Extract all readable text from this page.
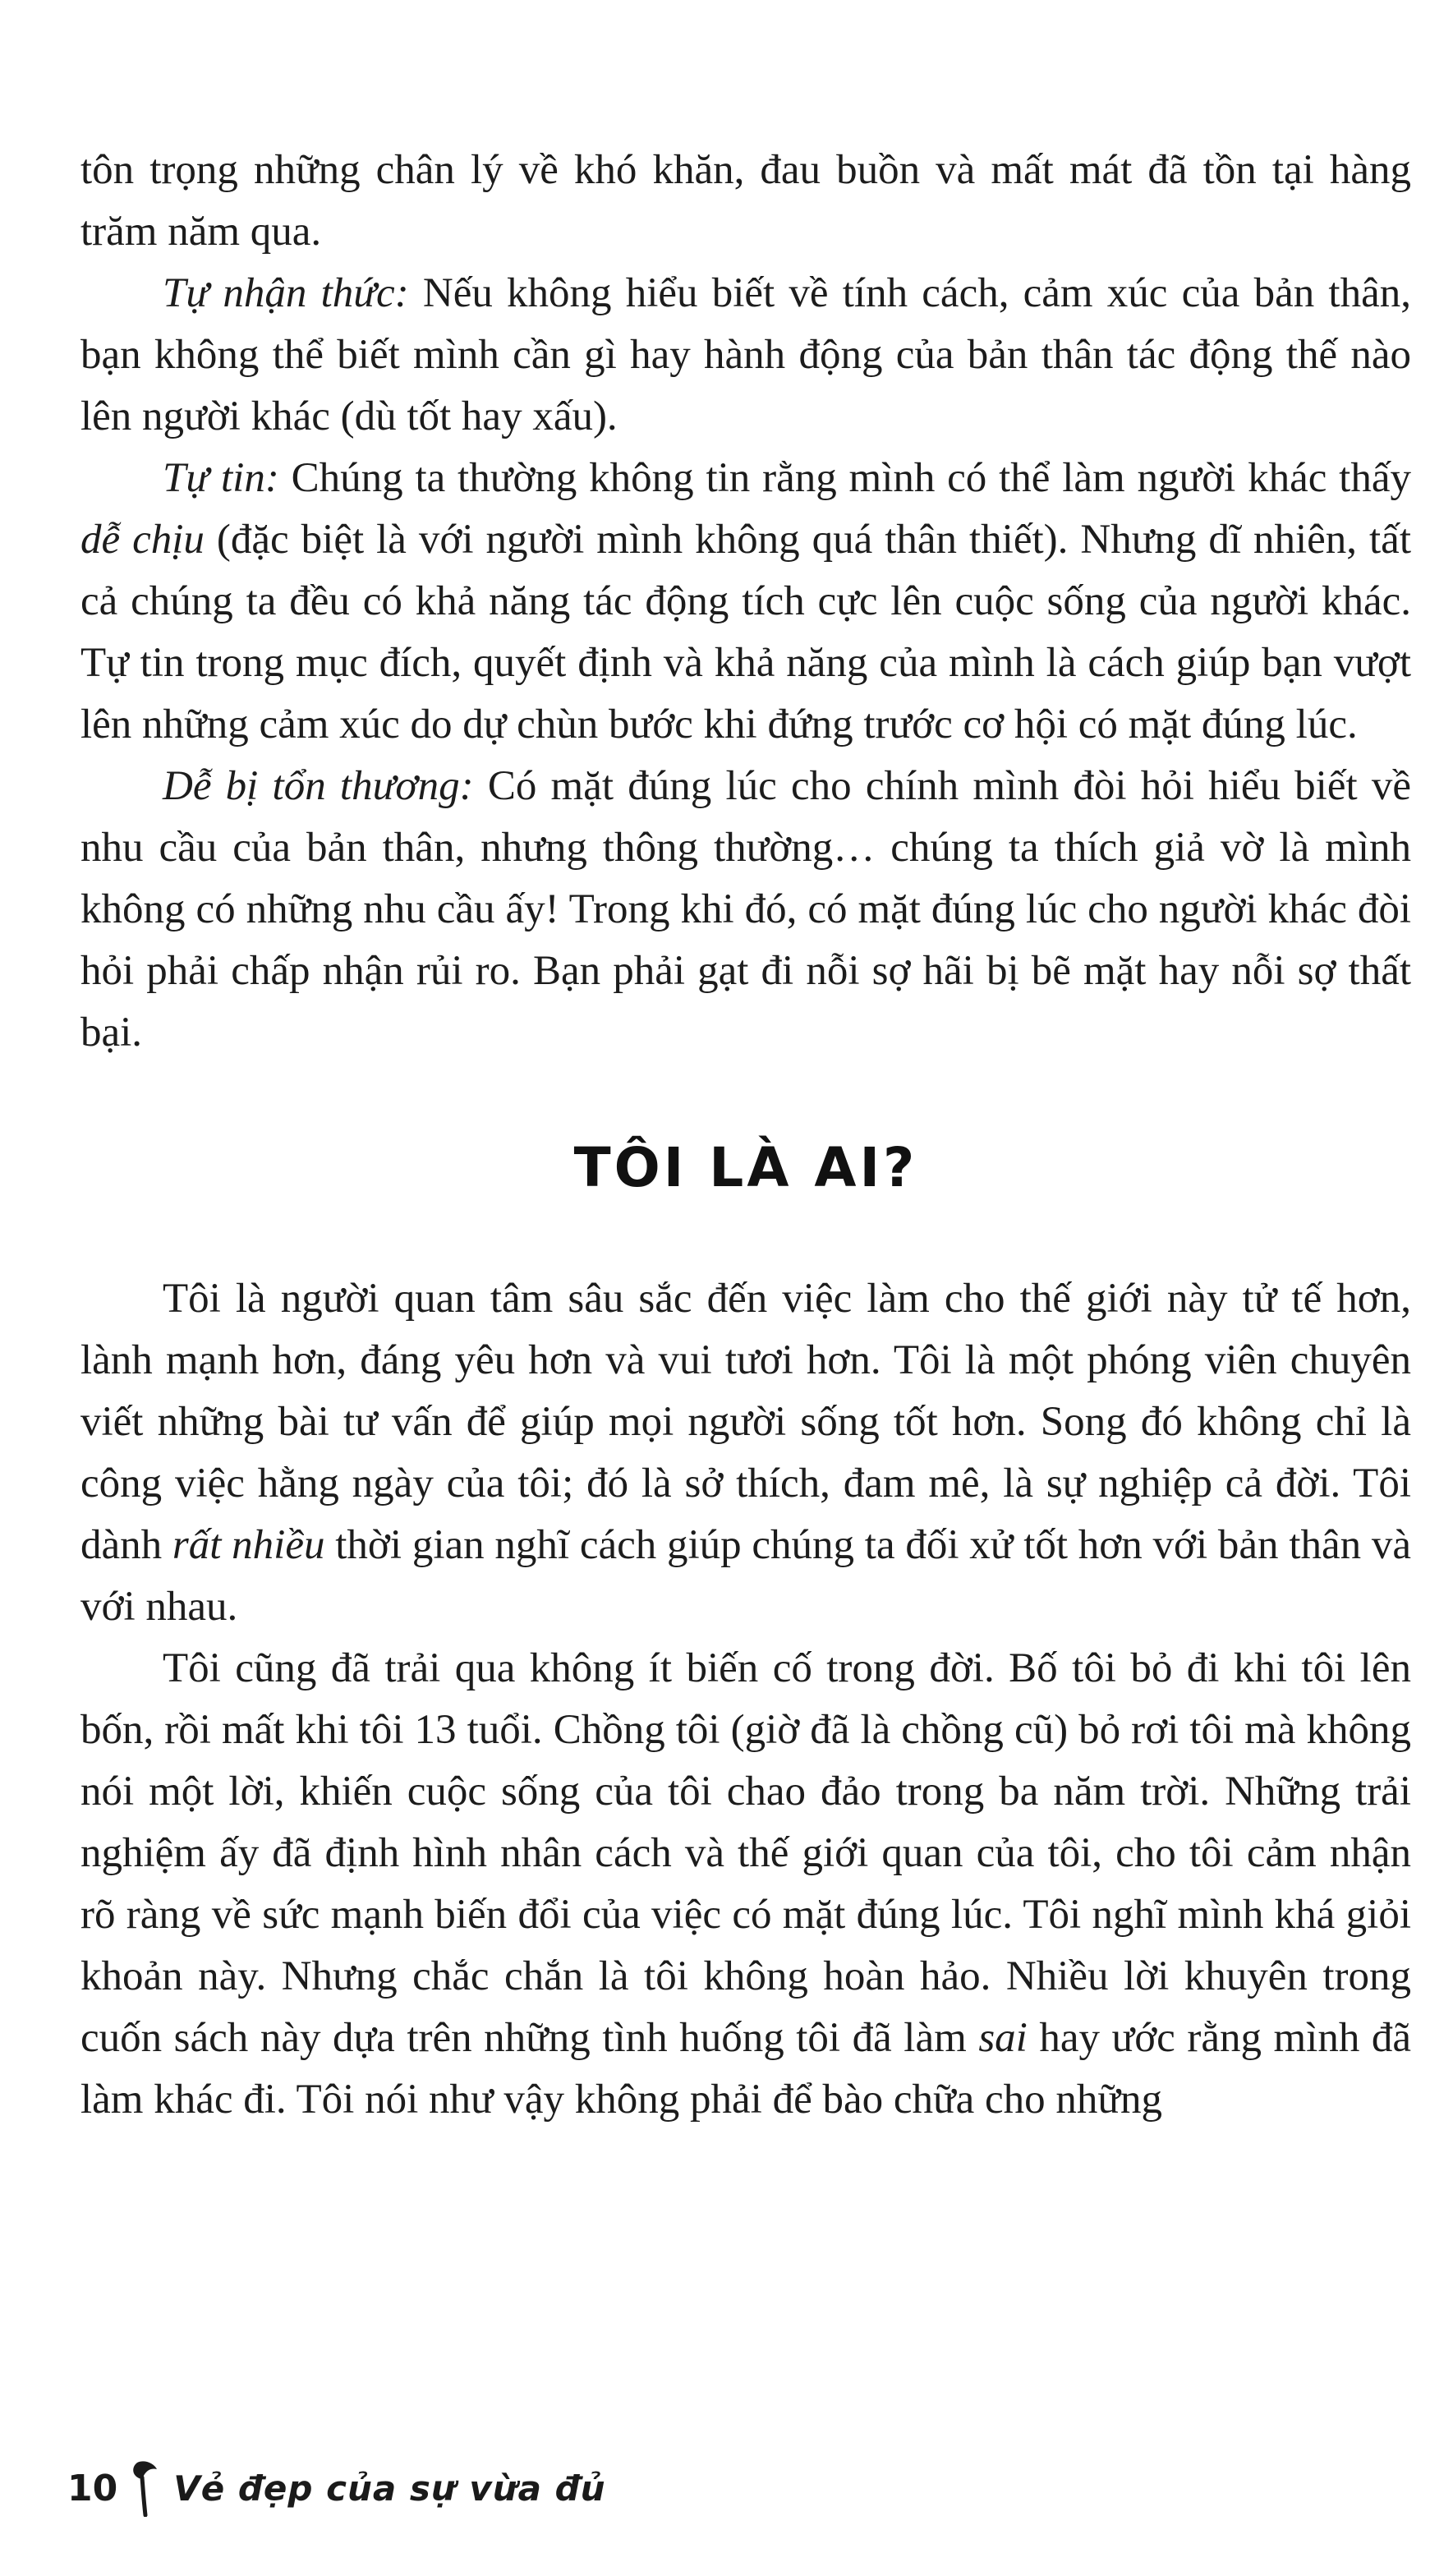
tôn trọng những chân lý về khó khăn, đau buồn và mất mát đã tồn tại hàng trăm năm qua.

Tự nhận thức: Nếu không hiểu biết về tính cách, cảm xúc của bản thân, bạn không thể biết mình cần gì hay hành động của bản thân tác động thế nào lên người khác (dù tốt hay xấu).

Tự tin: Chúng ta thường không tin rằng mình có thể làm người khác thấy dễ chịu (đặc biệt là với người mình không quá thân thiết). Nhưng dĩ nhiên, tất cả chúng ta đều có khả năng tác động tích cực lên cuộc sống của người khác. Tự tin trong mục đích, quyết định và khả năng của mình là cách giúp bạn vượt lên những cảm xúc do dự chùn bước khi đứng trước cơ hội có mặt đúng lúc.

Dễ bị tổn thương: Có mặt đúng lúc cho chính mình đòi hỏi hiểu biết về nhu cầu của bản thân, nhưng thông thường… chúng ta thích giả vờ là mình không có những nhu cầu ấy! Trong khi đó, có mặt đúng lúc cho người khác đòi hỏi phải chấp nhận rủi ro. Bạn phải gạt đi nỗi sợ hãi bị bẽ mặt hay nỗi sợ thất bại.

TÔI LÀ AI?

Tôi là người quan tâm sâu sắc đến việc làm cho thế giới này tử tế hơn, lành mạnh hơn, đáng yêu hơn và vui tươi hơn. Tôi là một phóng viên chuyên viết những bài tư vấn để giúp mọi người sống tốt hơn. Song đó không chỉ là công việc hằng ngày của tôi; đó là sở thích, đam mê, là sự nghiệp cả đời. Tôi dành rất nhiều thời gian nghĩ cách giúp chúng ta đối xử tốt hơn với bản thân và với nhau.

Tôi cũng đã trải qua không ít biến cố trong đời. Bố tôi bỏ đi khi tôi lên bốn, rồi mất khi tôi 13 tuổi. Chồng tôi (giờ đã là chồng cũ) bỏ rơi tôi mà không nói một lời, khiến cuộc sống của tôi chao đảo trong ba năm trời. Những trải nghiệm ấy đã định hình nhân cách và thế giới quan của tôi, cho tôi cảm nhận rõ ràng về sức mạnh biến đổi của việc có mặt đúng lúc. Tôi nghĩ mình khá giỏi khoản này. Nhưng chắc chắn là tôi không hoàn hảo. Nhiều lời khuyên trong cuốn sách này dựa trên những tình huống tôi đã làm sai hay ước rằng mình đã làm khác đi. Tôi nói như vậy không phải để bào chữa cho những

10 Vẻ đẹp của sự vừa đủ
